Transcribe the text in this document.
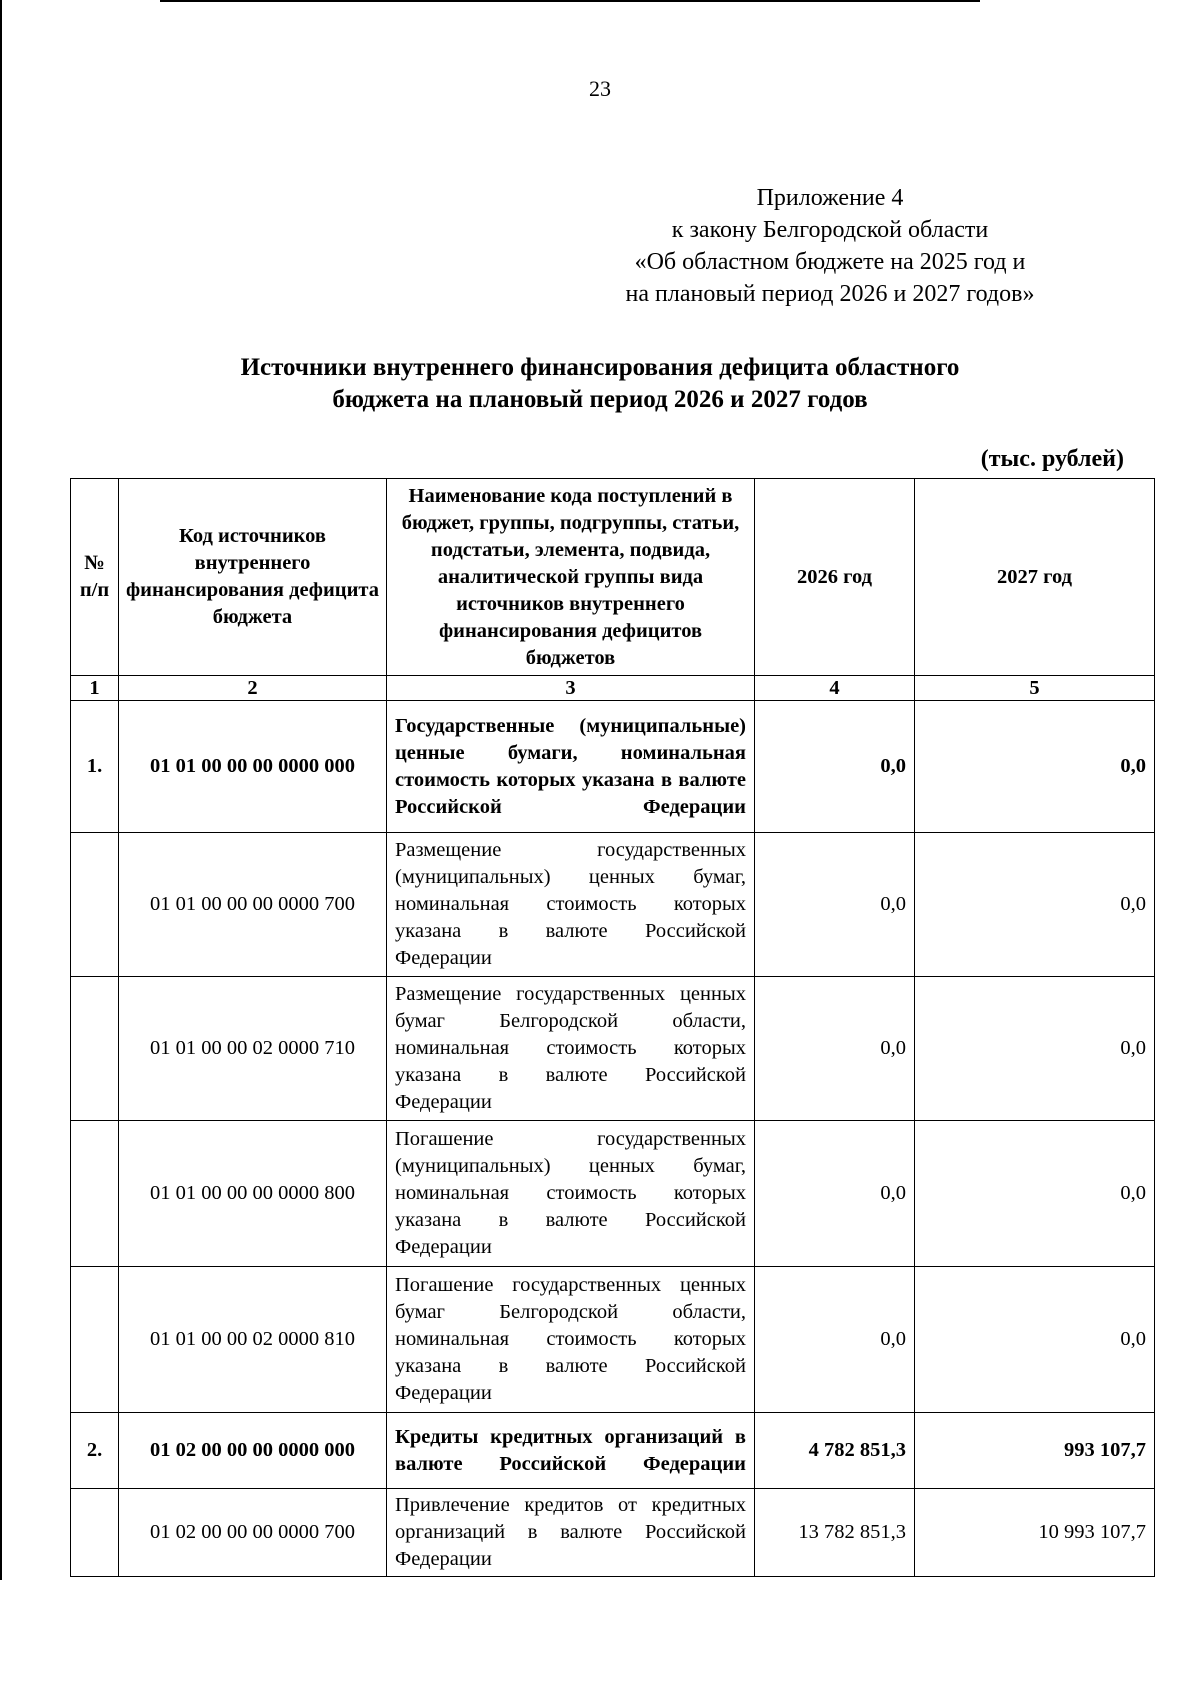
23
Приложение 4
к закону Белгородской области
«Об областном бюджете на 2025 год и
на плановый период 2026 и 2027 годов»
Источники внутреннего финансирования дефицита областного
бюджета на плановый период 2026 и 2027 годов
(тыс. рублей)
№ п/п	Код источников внутреннего финансирования дефицита бюджета	Наименование кода поступлений в бюджет, группы, подгруппы, статьи, подстатьи, элемента, подвида, аналитической группы вида источников внутреннего финансирования дефицитов бюджетов	2026 год	2027 год
1	2	3	4	5
1.	01 01 00 00 00 0000 000	Государственные (муниципальные) ценные бумаги, номинальная стоимость которых указана в валюте Российской Федерации	0,0	0,0
	01 01 00 00 00 0000 700	Размещение государственных (муниципальных) ценных бумаг, номинальная стоимость которых указана в валюте Российской Федерации	0,0	0,0
	01 01 00 00 02 0000 710	Размещение государственных ценных бумаг Белгородской области, номинальная стоимость которых указана в валюте Российской Федерации	0,0	0,0
	01 01 00 00 00 0000 800	Погашение государственных (муниципальных) ценных бумаг, номинальная стоимость которых указана в валюте Российской Федерации	0,0	0,0
	01 01 00 00 02 0000 810	Погашение государственных ценных бумаг Белгородской области, номинальная стоимость которых указана в валюте Российской Федерации	0,0	0,0
2.	01 02 00 00 00 0000 000	Кредиты кредитных организаций в валюте Российской Федерации	4 782 851,3	993 107,7
	01 02 00 00 00 0000 700	Привлечение кредитов от кредитных организаций в валюте Российской Федерации	13 782 851,3	10 993 107,7
